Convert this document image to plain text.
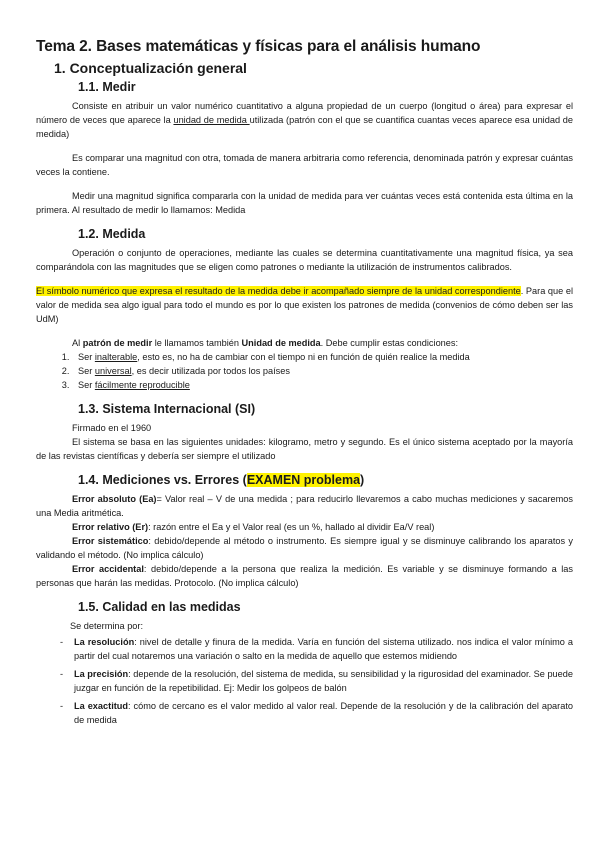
Tema 2. Bases matemáticas y físicas para el análisis humano
1. Conceptualización general
1.1. Medir

Consiste en atribuir un valor numérico cuantitativo a alguna propiedad de un cuerpo (longitud o área) para expresar el número de veces que aparece la unidad de medida utilizada (patrón con el que se cuantifica cuantas veces aparece esa unidad de medida)

Es comparar una magnitud con otra, tomada de manera arbitraria como referencia, denominada patrón y expresar cuántas veces la contiene.

Medir una magnitud significa compararla con la unidad de medida para ver cuántas veces está contenida esta última en la primera. Al resultado de medir lo llamamos: Medida

1.2. Medida

Operación o conjunto de operaciones, mediante las cuales se determina cuantitativamente una magnitud física, ya sea comparándola con las magnitudes que se eligen como patrones o mediante la utilización de instrumentos calibrados.

El símbolo numérico que expresa el resultado de la medida debe ir acompañado siempre de la unidad correspondiente. Para que el valor de medida sea algo igual para todo el mundo es por lo que existen los patrones de medida (convenios de cómo deben ser las UdM)

Al patrón de medir le llamamos también Unidad de medida. Debe cumplir estas condiciones:

1. Ser inalterable, esto es, no ha de cambiar con el tiempo ni en función de quién realice la medida
2. Ser universal, es decir utilizada por todos los países
3. Ser fácilmente reproducible
1.3. Sistema Internacional (SI)

Firmado en el 1960

El sistema se basa en las siguientes unidades: kilogramo, metro y segundo. Es el único sistema aceptado por la mayoría de las revistas científicas y debería ser siempre el utilizado

1.4. Mediciones vs. Errores (EXAMEN problema)

Error absoluto (Ea)= Valor real – V de una medida ; para reducirlo llevaremos a cabo muchas mediciones y sacaremos una Media aritmética.

Error relativo (Er): razón entre el Ea y el Valor real (es un %, hallado al dividir Ea/V real)

Error sistemático: debido/depende al método o instrumento. Es siempre igual y se disminuye calibrando los aparatos y validando el método. (No implica cálculo)

Error accidental: debido/depende a la persona que realiza la medición. Es variable y se disminuye formando a las personas que harán las medidas. Protocolo. (No implica cálculo)

1.5. Calidad en las medidas

Se determina por:

- La resolución: nivel de detalle y finura de la medida. Varía en función del sistema utilizado. nos indica el valor mínimo a partir del cual notaremos una variación o salto en la medida de aquello que estemos midiendo
- La precisión: depende de la resolución, del sistema de medida, su sensibilidad y la rigurosidad del examinador. Se puede juzgar en función de la repetibilidad. Ej: Medir los golpeos de balón
- La exactitud: cómo de cercano es el valor medido al valor real. Depende de la resolución y de la calibración del aparato de medida
